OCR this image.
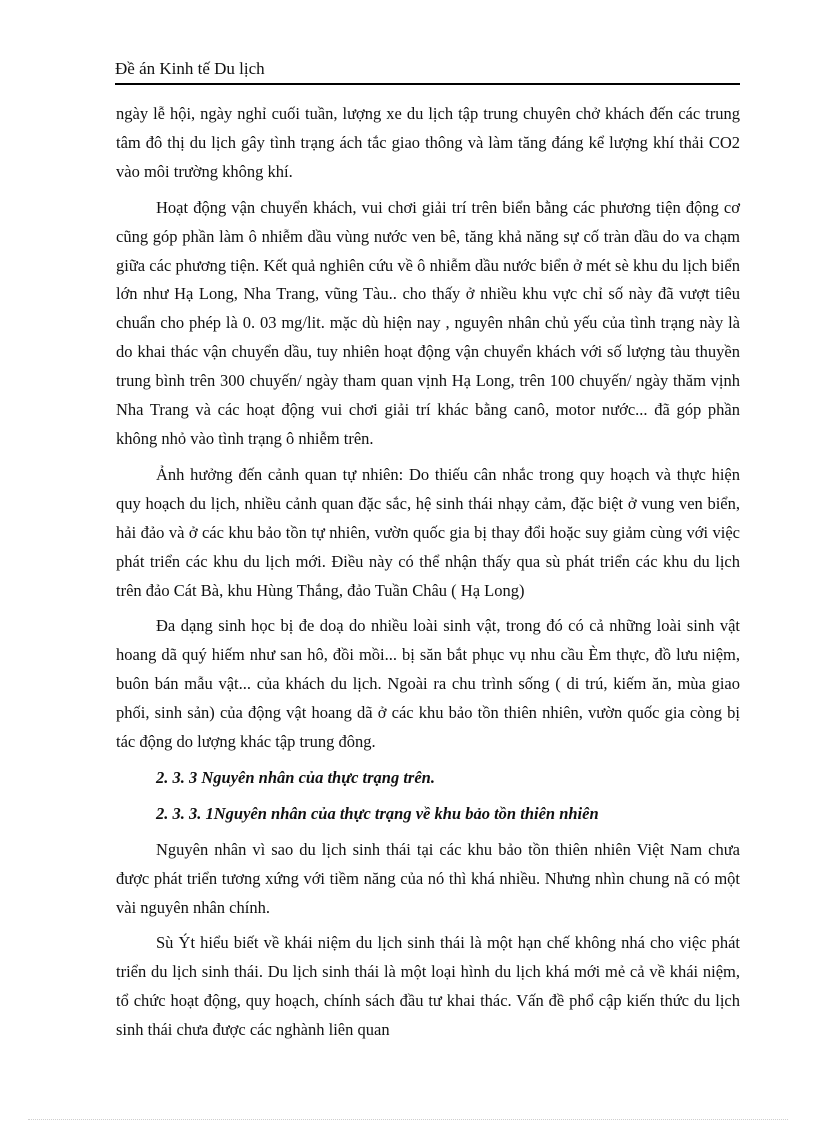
Đề án Kinh tế Du lịch

ngày lễ hội, ngày nghỉ cuối tuần, lượng xe du lịch tập trung chuyên chở khách đến các trung tâm đô thị du lịch gây tình trạng ách tắc giao thông và làm tăng đáng kể lượng khí thải CO2 vào môi trường không khí.

Hoạt động vận chuyển khách, vui chơi giải trí trên biển bằng các phương tiện động cơ cũng góp phần làm ô nhiễm dầu vùng nước ven bê, tăng khả năng sự cố tràn dầu do va chạm giữa các phương tiện. Kết quả nghiên cứu về ô nhiễm dầu nước biển ở mét sè khu du lịch biển lớn như Hạ Long, Nha Trang, vũng Tàu.. cho thấy ở nhiều khu vực chỉ số này đã vượt tiêu chuẩn cho phép là 0. 03 mg/lit. mặc dù hiện nay , nguyên nhân chủ yếu của tình trạng này là do khai thác vận chuyển dầu, tuy nhiên hoạt động vận chuyển khách với số lượng tàu thuyền trung bình trên 300 chuyến/ ngày tham quan vịnh Hạ Long, trên 100 chuyến/ ngày thăm vịnh Nha Trang và các hoạt động vui chơi giải trí khác bằng canô, motor nước... đã góp phần không nhỏ vào tình trạng ô nhiễm trên.

Ảnh hưởng đến cảnh quan tự nhiên: Do thiếu cân nhắc trong quy hoạch và thực hiện quy hoạch du lịch, nhiều cảnh quan đặc sắc, hệ sinh thái nhạy cảm, đặc biệt ở vung ven biển, hải đảo và ở các khu bảo tồn tự nhiên, vườn quốc gia bị thay đổi hoặc suy giảm cùng với việc phát triển các khu du lịch mới. Điều này có thể nhận thấy qua sù phát triển các khu du lịch trên đảo Cát Bà, khu Hùng Thắng, đảo Tuần Châu ( Hạ Long)

Đa dạng sinh học bị đe doạ do nhiều loài sinh vật, trong đó có cả những loài sinh vật hoang dã quý hiếm như san hô, đồi mồi... bị săn bắt phục vụ nhu cầu Èm thực, đồ lưu niệm, buôn bán mẫu vật... của khách du lịch. Ngoài ra chu trình sống ( di trú, kiếm ăn, mùa giao phối, sinh sản) của động vật hoang dã ở các khu bảo tồn thiên nhiên, vườn quốc gia còng bị tác động do lượng khác tập trung đông.

2. 3. 3 Nguyên nhân của thực trạng trên.

2. 3. 3. 1Nguyên nhân của thực trạng về khu bảo tồn thiên nhiên

Nguyên nhân vì sao du lịch sinh thái tại các khu bảo tồn thiên nhiên Việt Nam chưa được phát triển tương xứng với tiềm năng của nó thì khá nhiều. Nhưng nhìn chung nã có một vài nguyên nhân chính.

Sù Ýt hiểu biết về khái niệm du lịch sinh thái là một hạn chế không nhá cho việc phát triển du lịch sinh thái. Du lịch sinh thái là một loại hình du lịch khá mới mẻ cả về khái niệm, tổ chức hoạt động, quy hoạch, chính sách đầu tư khai thác. Vấn đề phổ cập kiến thức du lịch sinh thái chưa được các nghành liên quan
